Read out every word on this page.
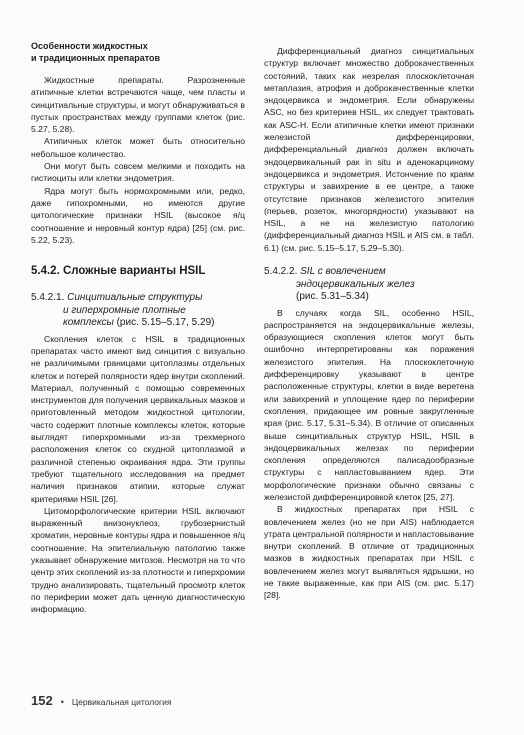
Особенности жидкостных
и традиционных препаратов

Жидкостные препараты. Разрозненные атипичные клетки встречаются чаще, чем пласты и синцитиальные структуры, и могут обнаруживаться в пустых пространствах между группами клеток (рис. 5.27, 5.28).

Атипичных клеток может быть относительно небольшое количество.

Они могут быть совсем мелкими и походить на гистиоциты или клетки эндометрия.

Ядра могут быть нормохромными или, редко, даже гипохромными, но имеются другие цитологические признаки HSIL (высокое я/ц соотношение и неровный контур ядра) [25] (см. рис. 5.22, 5.23).

5.4.2. Сложные варианты HSIL
5.4.2.1. Синцитиальные структуры
и гиперхромные плотные
комплексы (рис. 5.15–5.17, 5.29)

Скопления клеток с HSIL в традиционных препаратах часто имеют вид синцития с визуально не различимыми границами цитоплазмы отдельных клеток и потерей полярности ядер внутри скоплений. Материал, полученный с помощью современных инструментов для получения цервикальных мазков и приготовленный методом жидкостной цитологии, часто содержит плотные комплексы клеток, которые выглядят гиперхромными из-за трехмерного расположения клеток со скудной цитоплазмой и различной степенью окраивания ядра. Эти группы требуют тщательного исследования на предмет наличия признаков атипии, которые служат критериями HSIL [26].

Цитоморфологические критерии HSIL включают выраженный анизонуклеоз, грубозернистый хроматин, неровные контуры ядра и повышенное я/ц соотношение. На эпителиальную патологию также указывает обнаружение митозов. Несмотря на то что центр этих скоплений из-за плотности и гиперхромии трудно анализировать, тщательный просмотр клеток по периферии может дать ценную диагностическую информацию.

Дифференциальный диагноз синцитиальных структур включает множество доброкачественных состояний, таких как незрелая плоскоклеточная метаплазия, атрофия и доброкачественные клетки эндоцервикса и эндометрия. Если обнаружены ASC, но без критериев HSIL, их следует трактовать как ASC-H. Если атипичные клетки имеют признаки железистой дифференцировки, дифференциальный диагноз должен включать эндоцервикальный рак in situ и аденокарциному эндоцервикса и эндометрия. Истончение по краям структуры и завихрение в ее центре, а также отсутствие признаков железистого эпителия (перьев, розеток, многорядности) указывают на HSIL, а не на железистую патологию (дифференциальный диагноз HSIL и AIS см. в табл. 6.1) (см. рис. 5.15–5.17, 5.29–5.30).

5.4.2.2. SIL с вовлечением
эндоцервикальных желез
(рис. 5.31–5.34)

В случаях когда SIL, особенно HSIL, распространяется на эндоцервикальные железы, образующиеся скопления клеток могут быть ошибочно интерпретированы как поражения железистого эпителия. На плоскоклеточную дифференцировку указывают в центре расположенные структуры, клетки в виде веретена или завихрений и уплощение ядер по периферии скопления, придающее им ровные закругленные края (рис. 5.17, 5.31–5.34). В отличие от описанных выше синцитиальных структур HSIL, HSIL в эндоцервикальных железах по периферии скопления определяются палисадообразные структуры с напластовыванием ядер. Эти морфологические признаки обычно связаны с железистой дифференцировкой клеток [25, 27].

В жидкостных препаратах при HSIL с вовлечением желез (но не при AIS) наблюдается утрата центральной полярности и напластовывание внутри скоплений. В отличие от традиционных мазков в жидкостных препаратах при HSIL с вовлечением желез могут выявляться ядрышки, но не такие выраженные, как при AIS (см. рис. 5.17) [28].

152 • Цервикальная цитология
